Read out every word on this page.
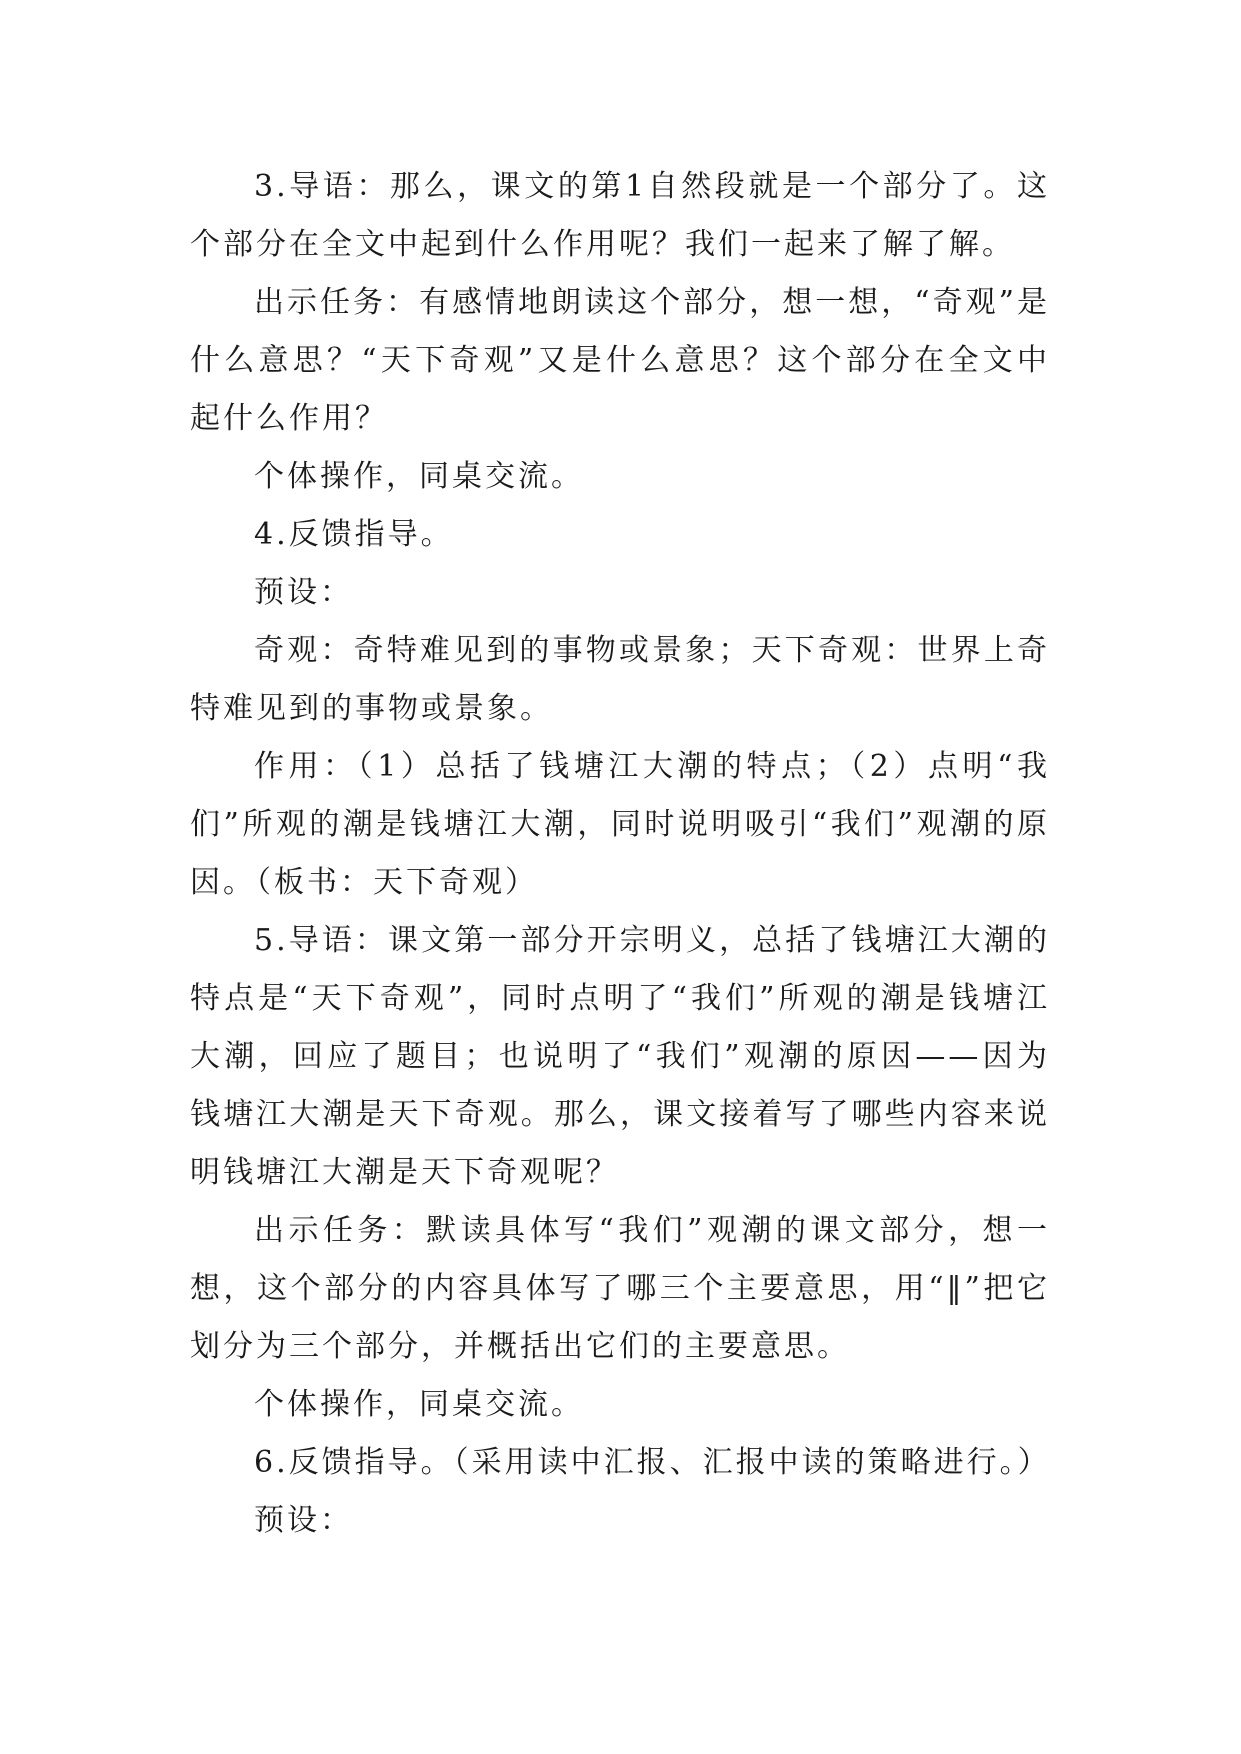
3.导语：那么，课文的第1自然段就是一个部分了。这个部分在全文中起到什么作用呢？我们一起来了解了解。

出示任务：有感情地朗读这个部分，想一想，“奇观”是什么意思？“天下奇观”又是什么意思？这个部分在全文中起什么作用？

个体操作，同桌交流。

4.反馈指导。

预设：

奇观：奇特难见到的事物或景象；天下奇观：世界上奇特难见到的事物或景象。

作用：（1）总括了钱塘江大潮的特点；（2）点明“我们”所观的潮是钱塘江大潮，同时说明吸引“我们”观潮的原因。（板书：天下奇观）

5.导语：课文第一部分开宗明义，总括了钱塘江大潮的特点是“天下奇观”，同时点明了“我们”所观的潮是钱塘江大潮，回应了题目；也说明了“我们”观潮的原因——因为钱塘江大潮是天下奇观。那么，课文接着写了哪些内容来说明钱塘江大潮是天下奇观呢？

出示任务：默读具体写“我们”观潮的课文部分，想一想，这个部分的内容具体写了哪三个主要意思，用“‖”把它划分为三个部分，并概括出它们的主要意思。

个体操作，同桌交流。

6.反馈指导。（采用读中汇报、汇报中读的策略进行。）

预设：
